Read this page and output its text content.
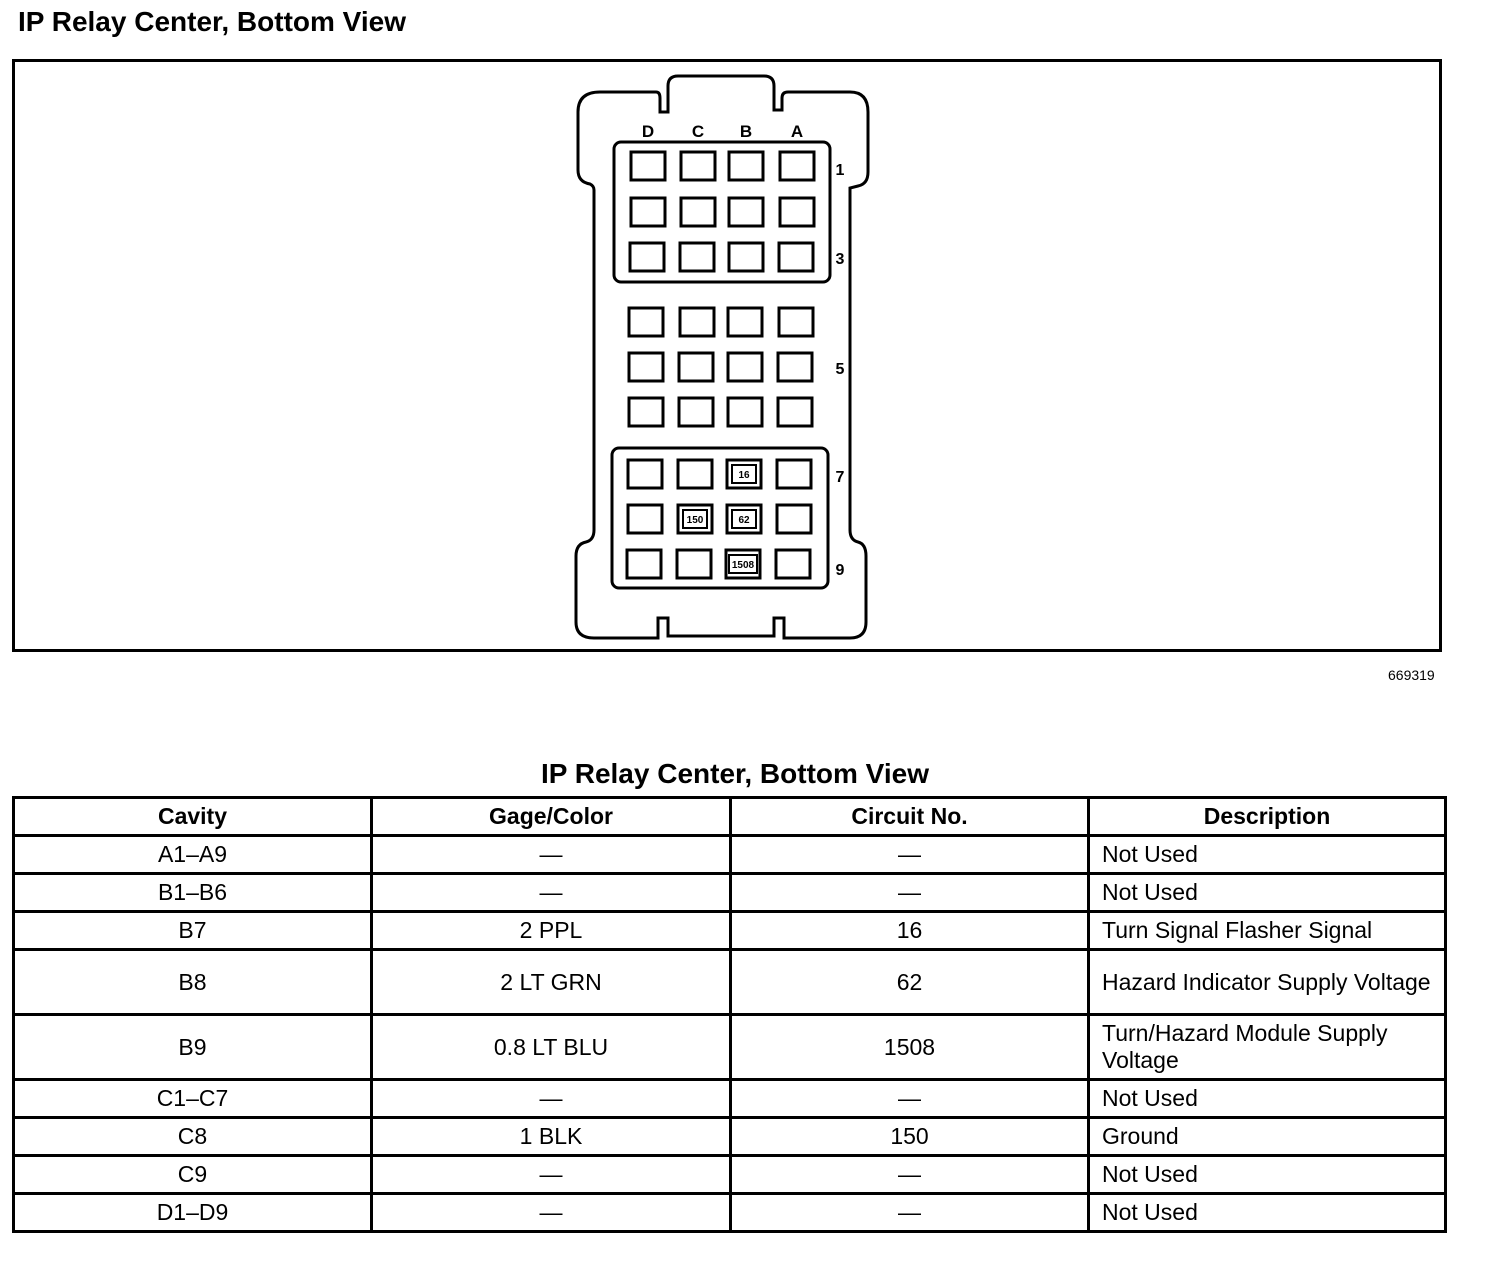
IP Relay Center, Bottom View
D C B A
1
3
5
7
9
16
150	62
1508
669319
IP Relay Center, Bottom View
Cavity	Gage/Color	Circuit No.	Description
A1–A9	—	—	Not Used
B1–B6	—	—	Not Used
B7	2 PPL	16	Turn Signal Flasher Signal
B8	2 LT GRN	62	Hazard Indicator Supply Voltage
B9	0.8 LT BLU	1508	Turn/Hazard Module Supply Voltage
C1–C7	—	—	Not Used
C8	1 BLK	150	Ground
C9	—	—	Not Used
D1–D9	—	—	Not Used
